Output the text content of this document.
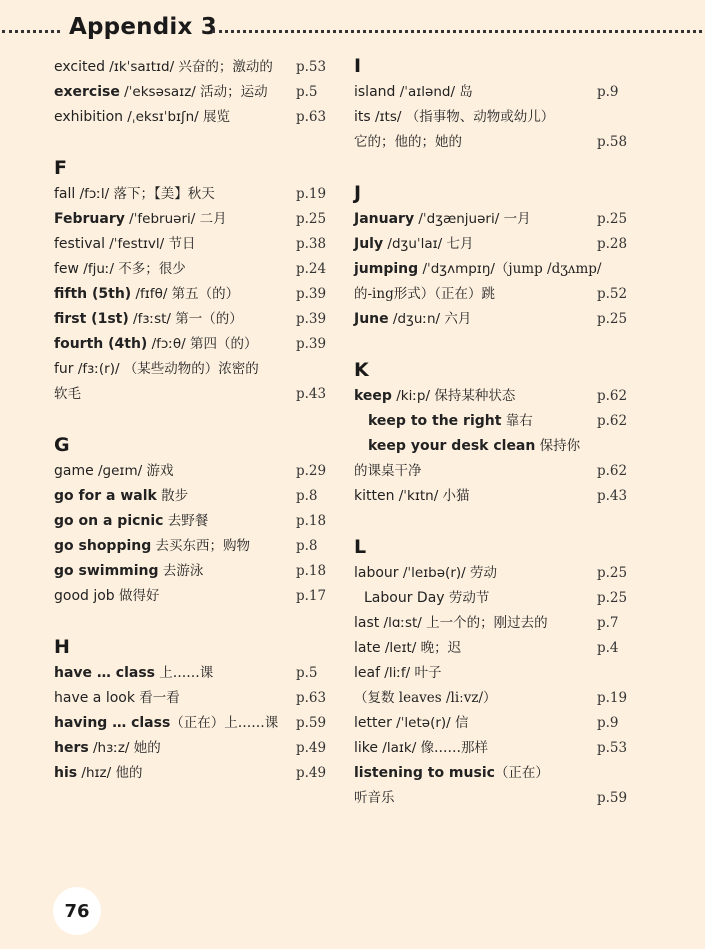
Appendix 3
excited /ɪkˈsaɪtɪd/ 兴奋的；激动的	p.53
exercise /ˈeksəsaɪz/ 活动；运动	p.5
exhibition /ˌeksɪˈbɪʃn/ 展览	p.63
F
fall /fɔːl/ 落下；【美】秋天	p.19
February /ˈfebruəri/ 二月	p.25
festival /ˈfestɪvl/ 节日	p.38
few /fjuː/ 不多；很少	p.24
fifth (5th) /fɪfθ/ 第五（的）	p.39
first (1st) /fɜːst/ 第一（的）	p.39
fourth (4th) /fɔːθ/ 第四（的）	p.39
fur /fɜː(r)/ （某些动物的）浓密的
软毛	p.43
G
game /ɡeɪm/ 游戏	p.29
go for a walk 散步	p.8
go on a picnic 去野餐	p.18
go shopping 去买东西；购物	p.8
go swimming 去游泳	p.18
good job 做得好	p.17
H
have … class 上……课	p.5
have a look 看一看	p.63
having … class（正在）上……课	p.59
hers /hɜːz/ 她的	p.49
his /hɪz/ 他的	p.49
I
island /ˈaɪlənd/ 岛	p.9
its /ɪts/ （指事物、动物或幼儿）
它的；他的；她的	p.58
J
January /ˈdʒænjuəri/ 一月	p.25
July /dʒuˈlaɪ/ 七月	p.28
jumping /ˈdʒʌmpɪŋ/（jump /dʒʌmp/
的-ing形式）（正在）跳	p.52
June /dʒuːn/ 六月	p.25
K
keep /kiːp/ 保持某种状态	p.62
keep to the right 靠右	p.62
keep your desk clean 保持你
的课桌干净	p.62
kitten /ˈkɪtn/ 小猫	p.43
L
labour /ˈleɪbə(r)/ 劳动	p.25
Labour Day 劳动节	p.25
last /lɑːst/ 上一个的；刚过去的	p.7
late /leɪt/ 晚；迟	p.4
leaf /liːf/ 叶子
（复数 leaves /liːvz/）	p.19
letter /ˈletə(r)/ 信	p.9
like /laɪk/ 像……那样	p.53
listening to music（正在）
听音乐	p.59
76
